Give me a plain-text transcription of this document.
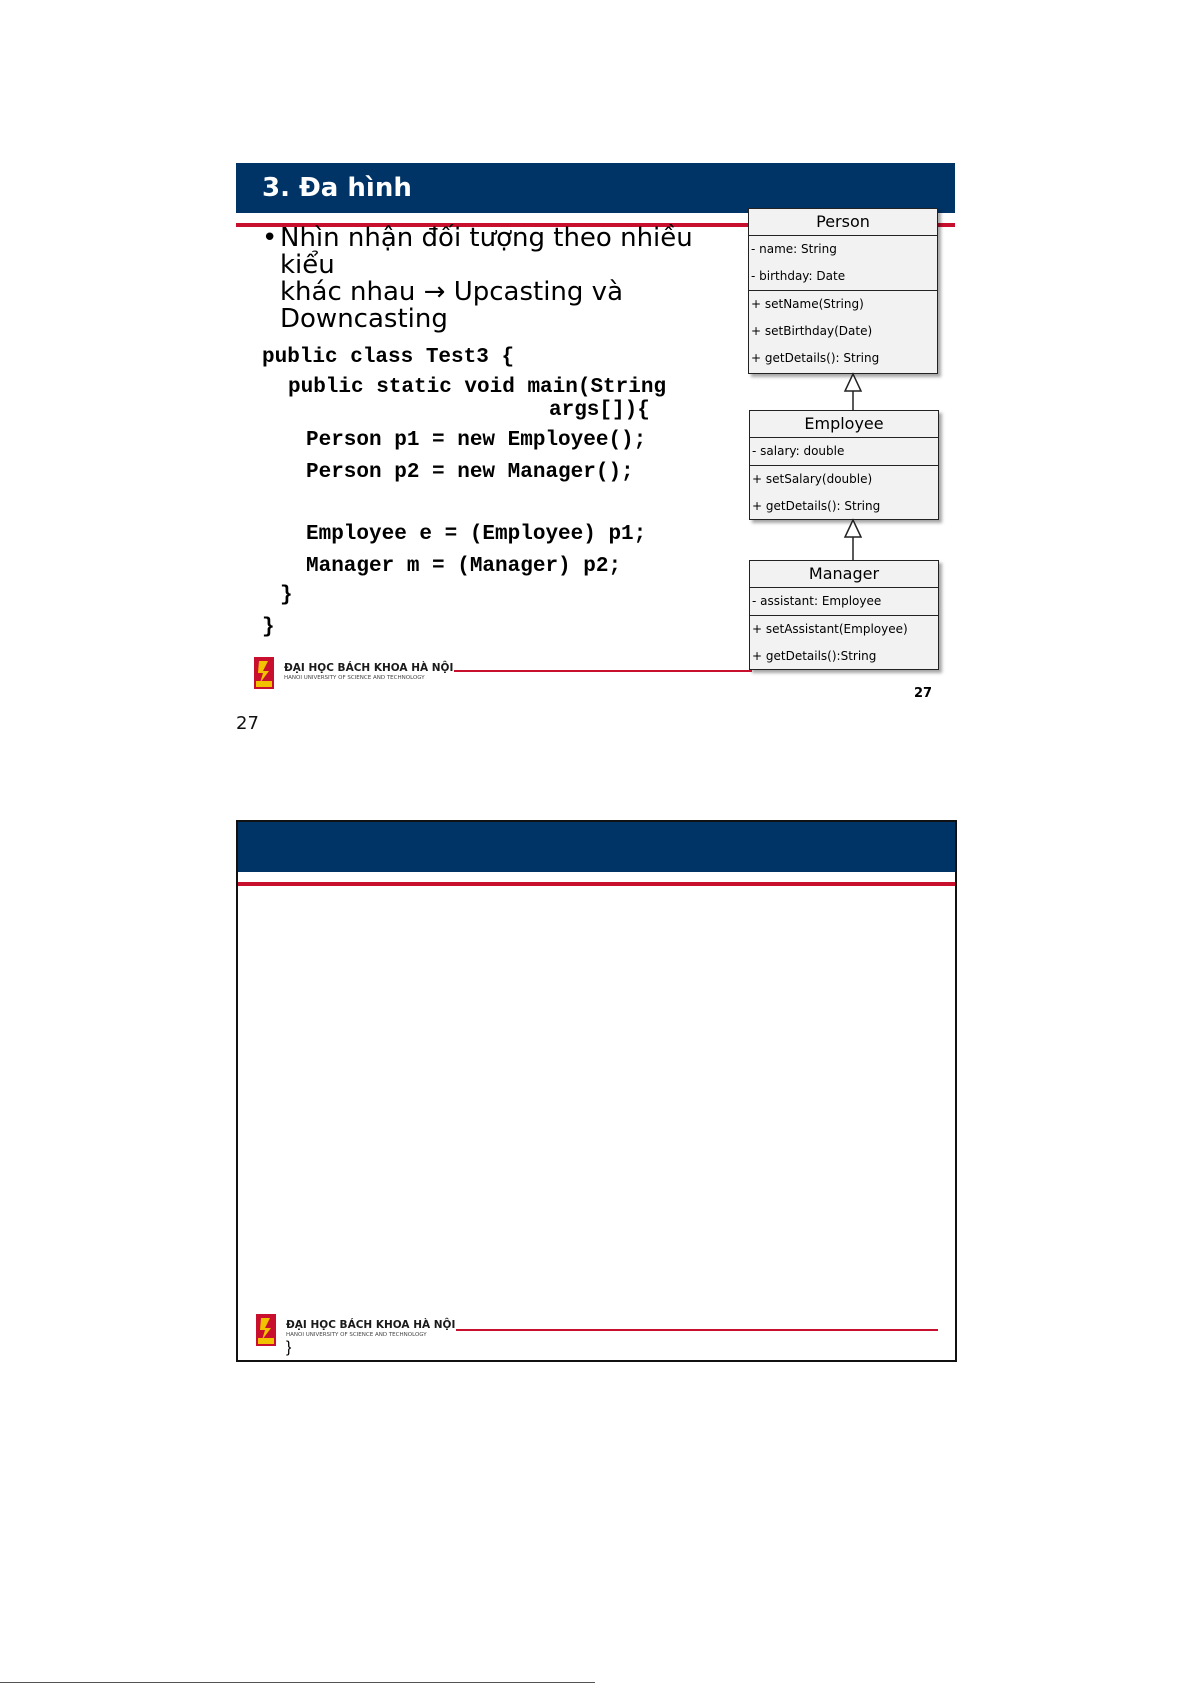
3. Đa hình
• Nhìn nhận đối tượng theo nhiều kiểu
khác nhau → Upcasting và
Downcasting
public class Test3 {
public static void main(String
args[]){
Person p1 = new Employee();
Person p2 = new Manager();
Employee e = (Employee) p1;
Manager m = (Manager) p2;
}
}
Person
- name: String
- birthday: Date
+ setName(String)
+ setBirthday(Date)
+ getDetails(): String
Employee
- salary: double
+ setSalary(double)
+ getDetails(): String
Manager
- assistant: Employee
+ setAssistant(Employee)
+ getDetails():String
ĐẠI HỌC BÁCH KHOA HÀ NỘI
HANOI UNIVERSITY OF SCIENCE AND TECHNOLOGY
27
27
ĐẠI HỌC BÁCH KHOA HÀ NỘI
HANOI UNIVERSITY OF SCIENCE AND TECHNOLOGY
}
